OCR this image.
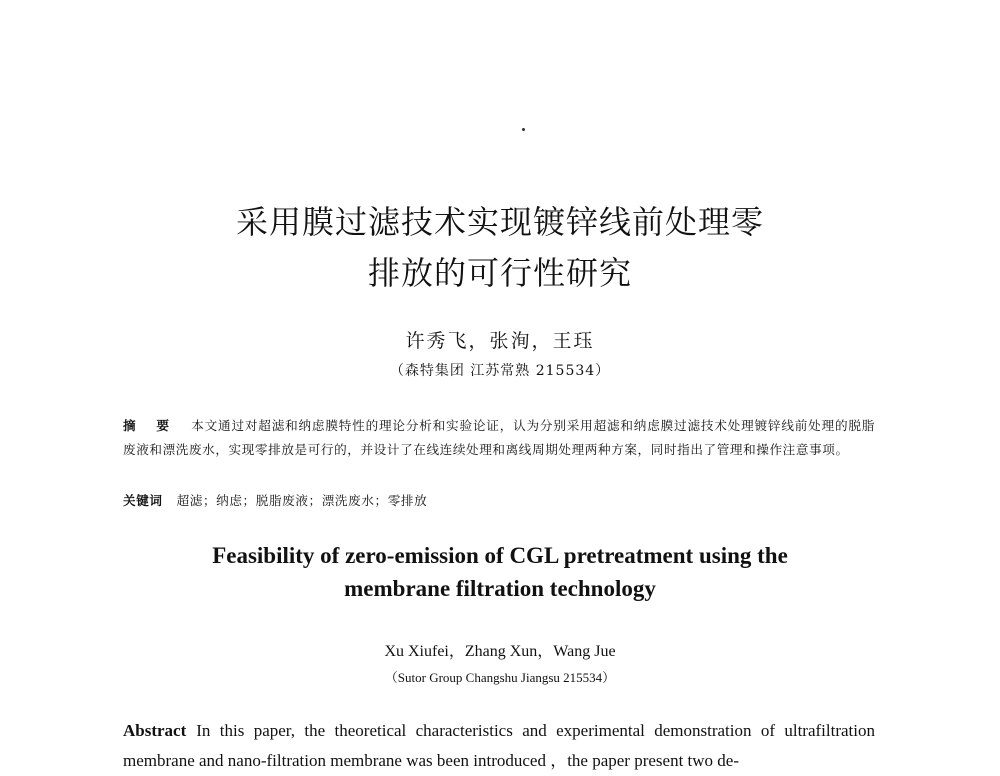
采用膜过滤技术实现镀锌线前处理零
排放的可行性研究
许秀飞，张洵，王珏
（森特集团 江苏常熟 215534）
摘 要 本文通过对超滤和纳虑膜特性的理论分析和实验论证，认为分别采用超滤和纳虑膜过滤技术处理镀锌线前处理的脱脂废液和漂洗废水，实现零排放是可行的，并设计了在线连续处理和离线周期处理两种方案，同时指出了管理和操作注意事项。
关键词 超滤；纳虑；脱脂废液；漂洗废水；零排放
Feasibility of zero-emission of CGL pretreatment using the
membrane filtration technology
Xu Xiufei，Zhang Xun，Wang Jue
（Sutor Group Changshu Jiangsu 215534）
Abstract In this paper, the theoretical characteristics and experimental demonstration of ultrafiltration membrane and nano-filtration membrane was been introduced ，the paper present two de-
